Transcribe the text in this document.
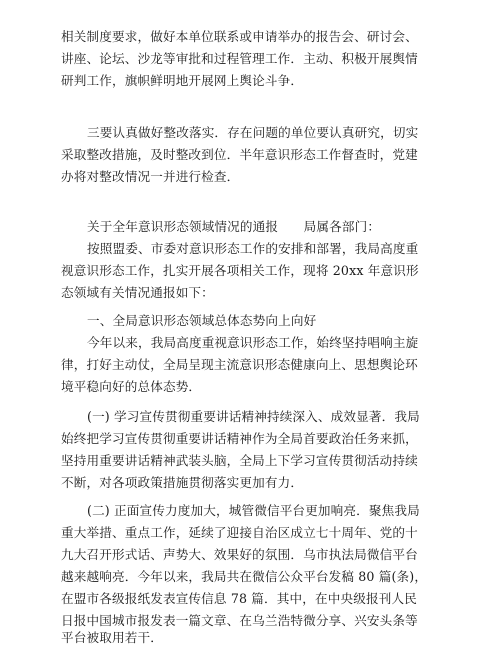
相关制度要求，做好本单位联系或申请举办的报告会、研讨会、
讲座、论坛、沙龙等审批和过程管理工作．主动、积极开展舆情
研判工作，旗帜鲜明地开展网上舆论斗争．
三要认真做好整改落实．存在问题的单位要认真研究，切实
采取整改措施，及时整改到位．半年意识形态工作督查时，党建
办将对整改情况一并进行检查．
关于全年意识形态领域情况的通报　　局属各部门：
按照盟委、市委对意识形态工作的安排和部署，我局高度重
视意识形态工作，扎实开展各项相关工作，现将 20xx 年意识形
态领域有关情况通报如下：
一、全局意识形态领域总体态势向上向好
今年以来，我局高度重视意识形态工作，始终坚持唱响主旋
律，打好主动仗，全局呈现主流意识形态健康向上、思想舆论环
境平稳向好的总体态势．
(一) 学习宣传贯彻重要讲话精神持续深入、成效显著．我局
始终把学习宣传贯彻重要讲话精神作为全局首要政治任务来抓，
坚持用重要讲话精神武装头脑，全局上下学习宣传贯彻活动持续
不断，对各项政策措施贯彻落实更加有力．
(二) 正面宣传力度加大，城管微信平台更加响亮．聚焦我局
重大举措、重点工作，延续了迎接自治区成立七十周年、党的十
九大召开形式话、声势大、效果好的氛围．乌市执法局微信平台
越来越响亮．今年以来，我局共在微信公众平台发稿 80 篇(条)，
在盟市各级报纸发表宣传信息 78 篇．其中，在中央级报刊人民
日报中国城市报发表一篇文章、在乌兰浩特微分享、兴安头条等
平台被取用若干．
